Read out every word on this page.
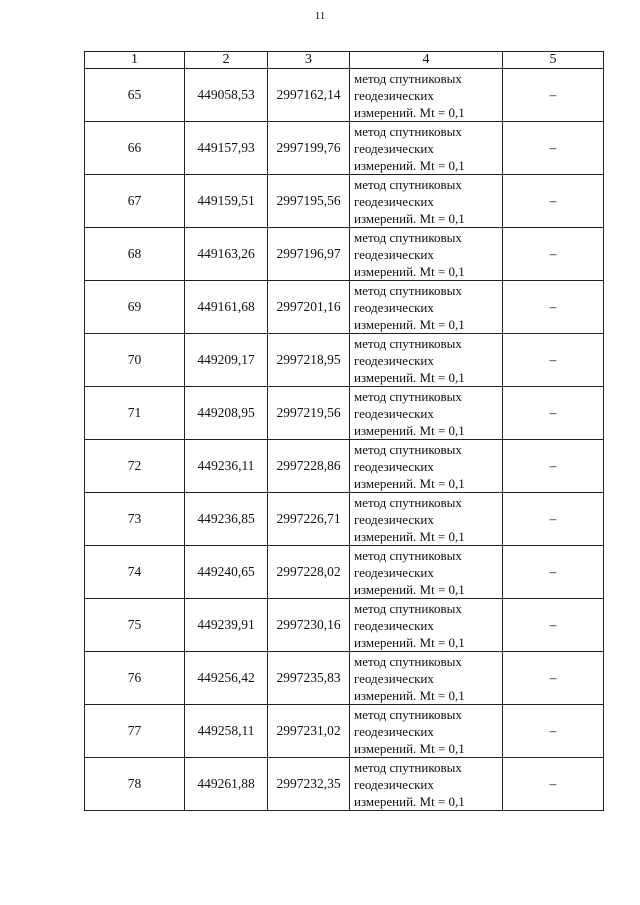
11
1	2	3	4	5
65	449058,53	2997162,14	метод спутниковых
геодезических
измерений. Mt = 0,1	–
66	449157,93	2997199,76	метод спутниковых
геодезических
измерений. Mt = 0,1	–
67	449159,51	2997195,56	метод спутниковых
геодезических
измерений. Mt = 0,1	–
68	449163,26	2997196,97	метод спутниковых
геодезических
измерений. Mt = 0,1	–
69	449161,68	2997201,16	метод спутниковых
геодезических
измерений. Mt = 0,1	–
70	449209,17	2997218,95	метод спутниковых
геодезических
измерений. Mt = 0,1	–
71	449208,95	2997219,56	метод спутниковых
геодезических
измерений. Mt = 0,1	–
72	449236,11	2997228,86	метод спутниковых
геодезических
измерений. Mt = 0,1	–
73	449236,85	2997226,71	метод спутниковых
геодезических
измерений. Mt = 0,1	–
74	449240,65	2997228,02	метод спутниковых
геодезических
измерений. Mt = 0,1	–
75	449239,91	2997230,16	метод спутниковых
геодезических
измерений. Mt = 0,1	–
76	449256,42	2997235,83	метод спутниковых
геодезических
измерений. Mt = 0,1	–
77	449258,11	2997231,02	метод спутниковых
геодезических
измерений. Mt = 0,1	–
78	449261,88	2997232,35	метод спутниковых
геодезических
измерений. Mt = 0,1	–
